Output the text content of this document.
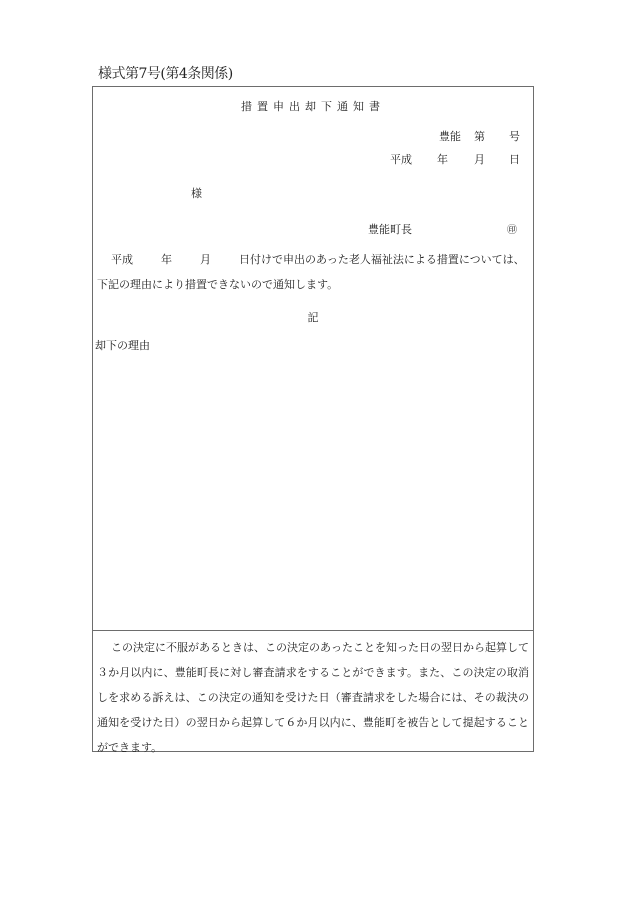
様式第7号(第4条関係)
措置申出却下通知書
豊能 第 号
平成 年 月 日
様
豊能町長	㊞
平成	年	月	日付けで申出のあった老人福祉法による措置については、下記の理由により措置できないので通知します。
記
却下の理由
この決定に不服があるときは、この決定のあったことを知った日の翌日から起算して３か月以内に、豊能町長に対し審査請求をすることができます。また、この決定の取消しを求める訴えは、この決定の通知を受けた日（審査請求をした場合には、その裁決の通知を受けた日）の翌日から起算して６か月以内に、豊能町を被告として提起することができます。
